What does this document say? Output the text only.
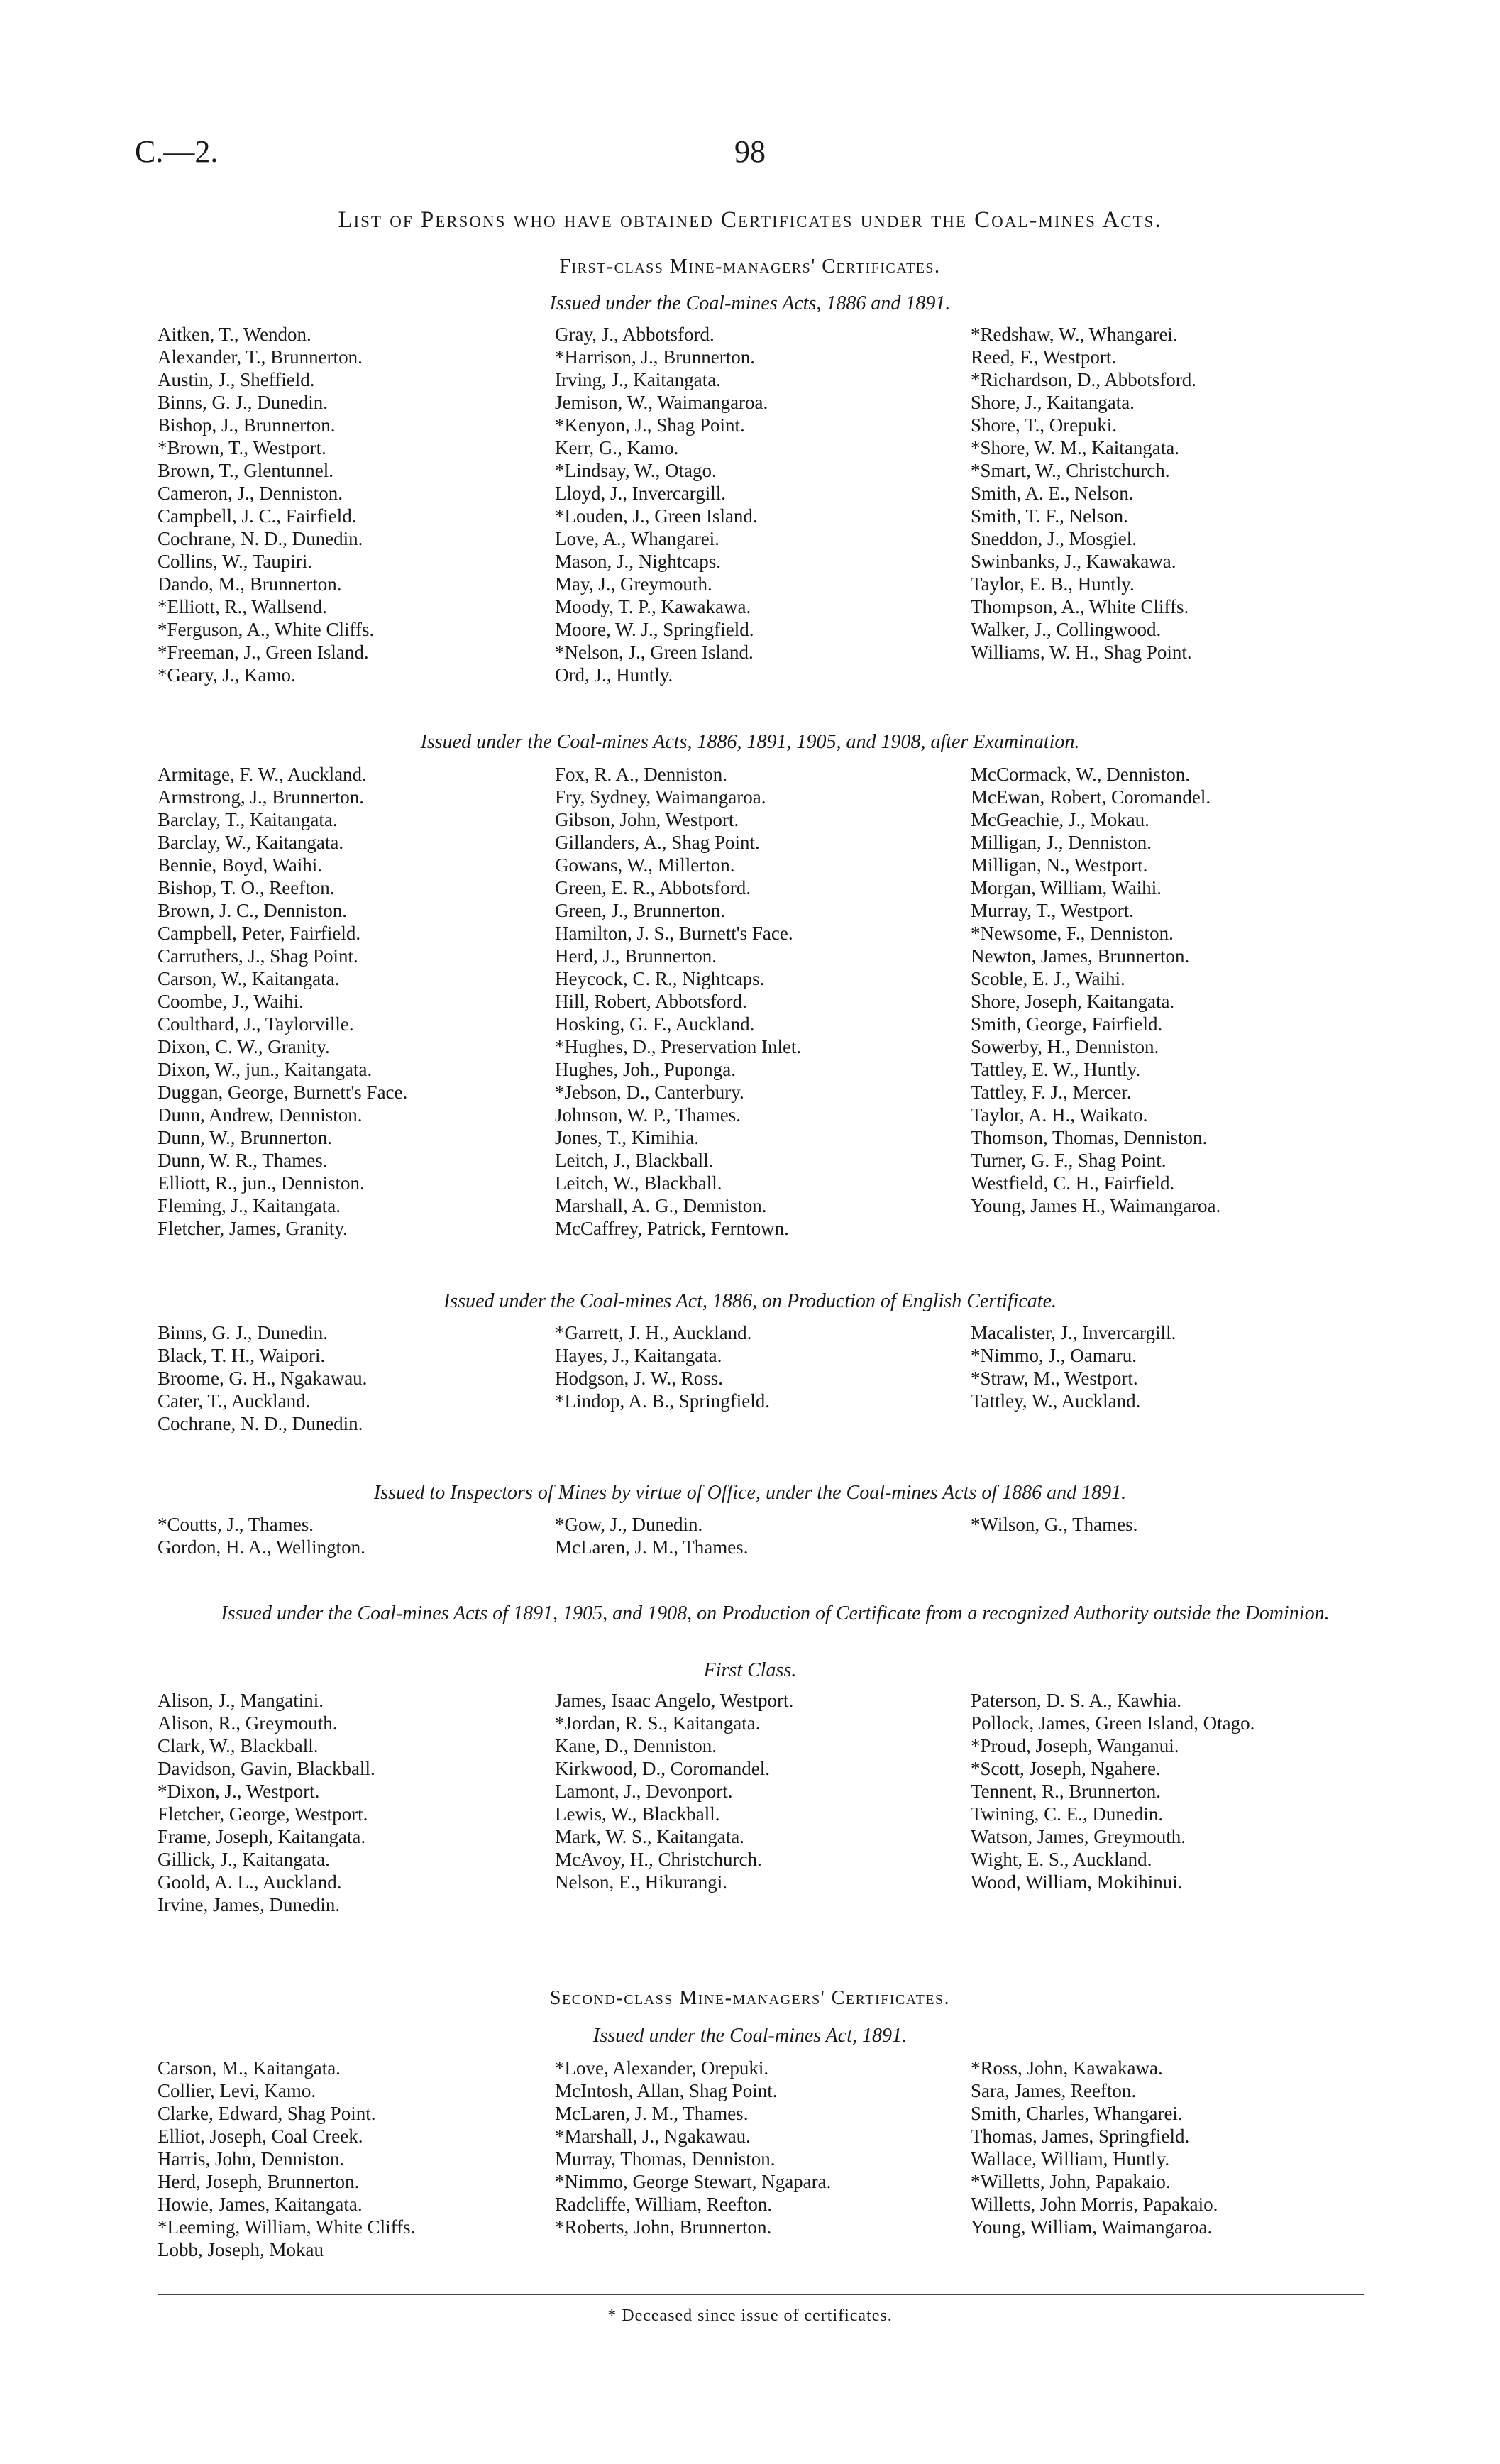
C.—2.	98
List of Persons who have obtained Certificates under the Coal-mines Acts.
First-class Mine-managers' Certificates.
Issued under the Coal-mines Acts, 1886 and 1891.
Aitken, T., Wendon.
Alexander, T., Brunnerton.
Austin, J., Sheffield.
Binns, G. J., Dunedin.
Bishop, J., Brunnerton.
*Brown, T., Westport.
Brown, T., Glentunnel.
Cameron, J., Denniston.
Campbell, J. C., Fairfield.
Cochrane, N. D., Dunedin.
Collins, W., Taupiri.
Dando, M., Brunnerton.
*Elliott, R., Wallsend.
*Ferguson, A., White Cliffs.
*Freeman, J., Green Island.
*Geary, J., Kamo.
Gray, J., Abbotsford.
*Harrison, J., Brunnerton.
Irving, J., Kaitangata.
Jemison, W., Waimangaroa.
*Kenyon, J., Shag Point.
Kerr, G., Kamo.
*Lindsay, W., Otago.
Lloyd, J., Invercargill.
*Louden, J., Green Island.
Love, A., Whangarei.
Mason, J., Nightcaps.
May, J., Greymouth.
Moody, T. P., Kawakawa.
Moore, W. J., Springfield.
*Nelson, J., Green Island.
Ord, J., Huntly.
*Redshaw, W., Whangarei.
Reed, F., Westport.
*Richardson, D., Abbotsford.
Shore, J., Kaitangata.
Shore, T., Orepuki.
*Shore, W. M., Kaitangata.
*Smart, W., Christchurch.
Smith, A. E., Nelson.
Smith, T. F., Nelson.
Sneddon, J., Mosgiel.
Swinbanks, J., Kawakawa.
Taylor, E. B., Huntly.
Thompson, A., White Cliffs.
Walker, J., Collingwood.
Williams, W. H., Shag Point.
Issued under the Coal-mines Acts, 1886, 1891, 1905, and 1908, after Examination.
Armitage, F. W., Auckland.
Armstrong, J., Brunnerton.
Barclay, T., Kaitangata.
Barclay, W., Kaitangata.
Bennie, Boyd, Waihi.
Bishop, T. O., Reefton.
Brown, J. C., Denniston.
Campbell, Peter, Fairfield.
Carruthers, J., Shag Point.
Carson, W., Kaitangata.
Coombe, J., Waihi.
Coulthard, J., Taylorville.
Dixon, C. W., Granity.
Dixon, W., jun., Kaitangata.
Duggan, George, Burnett's Face.
Dunn, Andrew, Denniston.
Dunn, W., Brunnerton.
Dunn, W. R., Thames.
Elliott, R., jun., Denniston.
Fleming, J., Kaitangata.
Fletcher, James, Granity.
Fox, R. A., Denniston.
Fry, Sydney, Waimangaroa.
Gibson, John, Westport.
Gillanders, A., Shag Point.
Gowans, W., Millerton.
Green, E. R., Abbotsford.
Green, J., Brunnerton.
Hamilton, J. S., Burnett's Face.
Herd, J., Brunnerton.
Heycock, C. R., Nightcaps.
Hill, Robert, Abbotsford.
Hosking, G. F., Auckland.
*Hughes, D., Preservation Inlet.
Hughes, Joh., Puponga.
*Jebson, D., Canterbury.
Johnson, W. P., Thames.
Jones, T., Kimihia.
Leitch, J., Blackball.
Leitch, W., Blackball.
Marshall, A. G., Denniston.
McCaffrey, Patrick, Ferntown.
McCormack, W., Denniston.
McEwan, Robert, Coromandel.
McGeachie, J., Mokau.
Milligan, J., Denniston.
Milligan, N., Westport.
Morgan, William, Waihi.
Murray, T., Westport.
*Newsome, F., Denniston.
Newton, James, Brunnerton.
Scoble, E. J., Waihi.
Shore, Joseph, Kaitangata.
Smith, George, Fairfield.
Sowerby, H., Denniston.
Tattley, E. W., Huntly.
Tattley, F. J., Mercer.
Taylor, A. H., Waikato.
Thomson, Thomas, Denniston.
Turner, G. F., Shag Point.
Westfield, C. H., Fairfield.
Young, James H., Waimangaroa.
Issued under the Coal-mines Act, 1886, on Production of English Certificate.
Binns, G. J., Dunedin.
Black, T. H., Waipori.
Broome, G. H., Ngakawau.
Cater, T., Auckland.
Cochrane, N. D., Dunedin.
*Garrett, J. H., Auckland.
Hayes, J., Kaitangata.
Hodgson, J. W., Ross.
*Lindop, A. B., Springfield.
Macalister, J., Invercargill.
*Nimmo, J., Oamaru.
*Straw, M., Westport.
Tattley, W., Auckland.
Issued to Inspectors of Mines by virtue of Office, under the Coal-mines Acts of 1886 and 1891.
*Coutts, J., Thames.
Gordon, H. A., Wellington.
*Gow, J., Dunedin.
McLaren, J. M., Thames.
*Wilson, G., Thames.
Issued under the Coal-mines Acts of 1891, 1905, and 1908, on Production of Certificate from a recognized Authority outside the Dominion.
First Class.
Alison, J., Mangatini.
Alison, R., Greymouth.
Clark, W., Blackball.
Davidson, Gavin, Blackball.
*Dixon, J., Westport.
Fletcher, George, Westport.
Frame, Joseph, Kaitangata.
Gillick, J., Kaitangata.
Goold, A. L., Auckland.
Irvine, James, Dunedin.
James, Isaac Angelo, Westport.
*Jordan, R. S., Kaitangata.
Kane, D., Denniston.
Kirkwood, D., Coromandel.
Lamont, J., Devonport.
Lewis, W., Blackball.
Mark, W. S., Kaitangata.
McAvoy, H., Christchurch.
Nelson, E., Hikurangi.
Paterson, D. S. A., Kawhia.
Pollock, James, Green Island, Otago.
*Proud, Joseph, Wanganui.
*Scott, Joseph, Ngahere.
Tennent, R., Brunnerton.
Twining, C. E., Dunedin.
Watson, James, Greymouth.
Wight, E. S., Auckland.
Wood, William, Mokihinui.
Second-class Mine-managers' Certificates.
Issued under the Coal-mines Act, 1891.
Carson, M., Kaitangata.
Collier, Levi, Kamo.
Clarke, Edward, Shag Point.
Elliot, Joseph, Coal Creek.
Harris, John, Denniston.
Herd, Joseph, Brunnerton.
Howie, James, Kaitangata.
*Leeming, William, White Cliffs.
Lobb, Joseph, Mokau
*Love, Alexander, Orepuki.
McIntosh, Allan, Shag Point.
McLaren, J. M., Thames.
*Marshall, J., Ngakawau.
Murray, Thomas, Denniston.
*Nimmo, George Stewart, Ngapara.
Radcliffe, William, Reefton.
*Roberts, John, Brunnerton.
*Ross, John, Kawakawa.
Sara, James, Reefton.
Smith, Charles, Whangarei.
Thomas, James, Springfield.
Wallace, William, Huntly.
*Willetts, John, Papakaio.
Willetts, John Morris, Papakaio.
Young, William, Waimangaroa.
* Deceased since issue of certificates.
